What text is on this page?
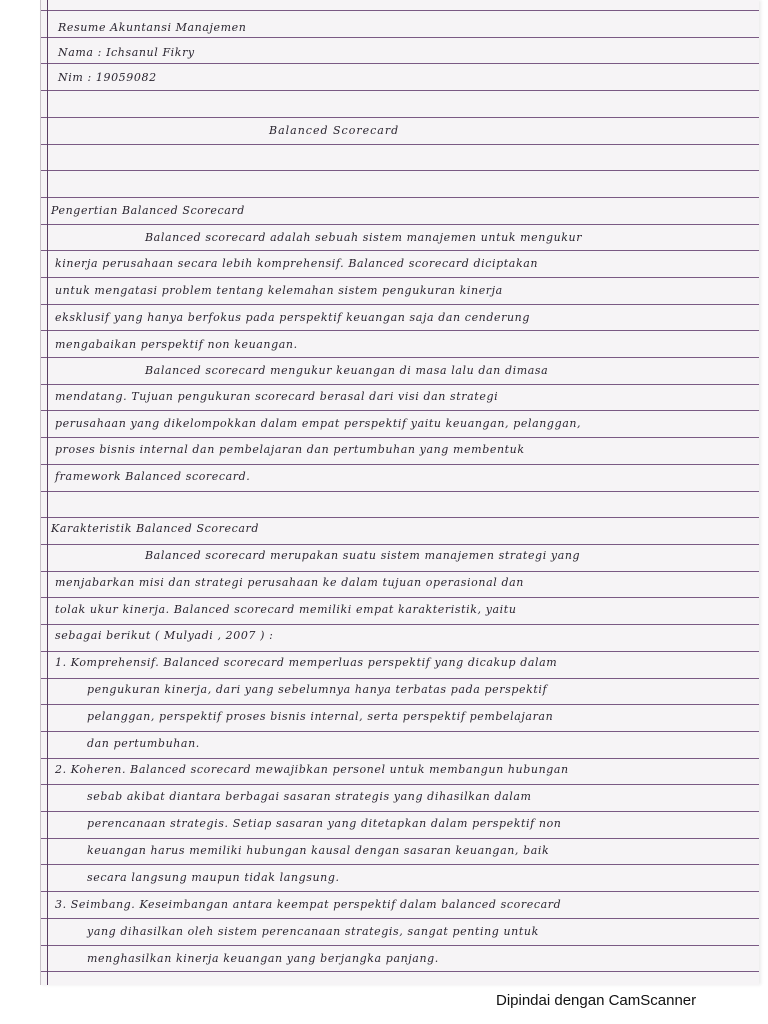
Resume Akuntansi Manajemen
Nama : Ichsanul Fikry
Nim : 19059082
Balanced Scorecard
Pengertian Balanced Scorecard
Balanced scorecard adalah sebuah sistem manajemen untuk mengukur
kinerja perusahaan secara lebih komprehensif. Balanced scorecard diciptakan
untuk mengatasi problem tentang kelemahan sistem pengukuran kinerja
eksklusif yang hanya berfokus pada perspektif keuangan saja dan cenderung
mengabaikan perspektif non keuangan.
Balanced scorecard mengukur keuangan di masa lalu dan dimasa
mendatang. Tujuan pengukuran scorecard berasal dari visi dan strategi
perusahaan yang dikelompokkan dalam empat perspektif yaitu keuangan, pelanggan,
proses bisnis internal dan pembelajaran dan pertumbuhan yang membentuk
framework Balanced scorecard.
Karakteristik Balanced Scorecard
Balanced scorecard merupakan suatu sistem manajemen strategi yang
menjabarkan misi dan strategi perusahaan ke dalam tujuan operasional dan
tolak ukur kinerja. Balanced scorecard memiliki empat karakteristik, yaitu
sebagai berikut ( Mulyadi , 2007 ) :
1. Komprehensif. Balanced scorecard memperluas perspektif yang dicakup dalam
pengukuran kinerja, dari yang sebelumnya hanya terbatas pada perspektif
pelanggan, perspektif proses bisnis internal, serta perspektif pembelajaran
dan pertumbuhan.
2. Koheren. Balanced scorecard mewajibkan personel untuk membangun hubungan
sebab akibat diantara berbagai sasaran strategis yang dihasilkan dalam
perencanaan strategis. Setiap sasaran yang ditetapkan dalam perspektif non
keuangan harus memiliki hubungan kausal dengan sasaran keuangan, baik
secara langsung maupun tidak langsung.
3. Seimbang. Keseimbangan antara keempat perspektif dalam balanced scorecard
yang dihasilkan oleh sistem perencanaan strategis, sangat penting untuk
menghasilkan kinerja keuangan yang berjangka panjang.
Dipindai dengan CamScanner
